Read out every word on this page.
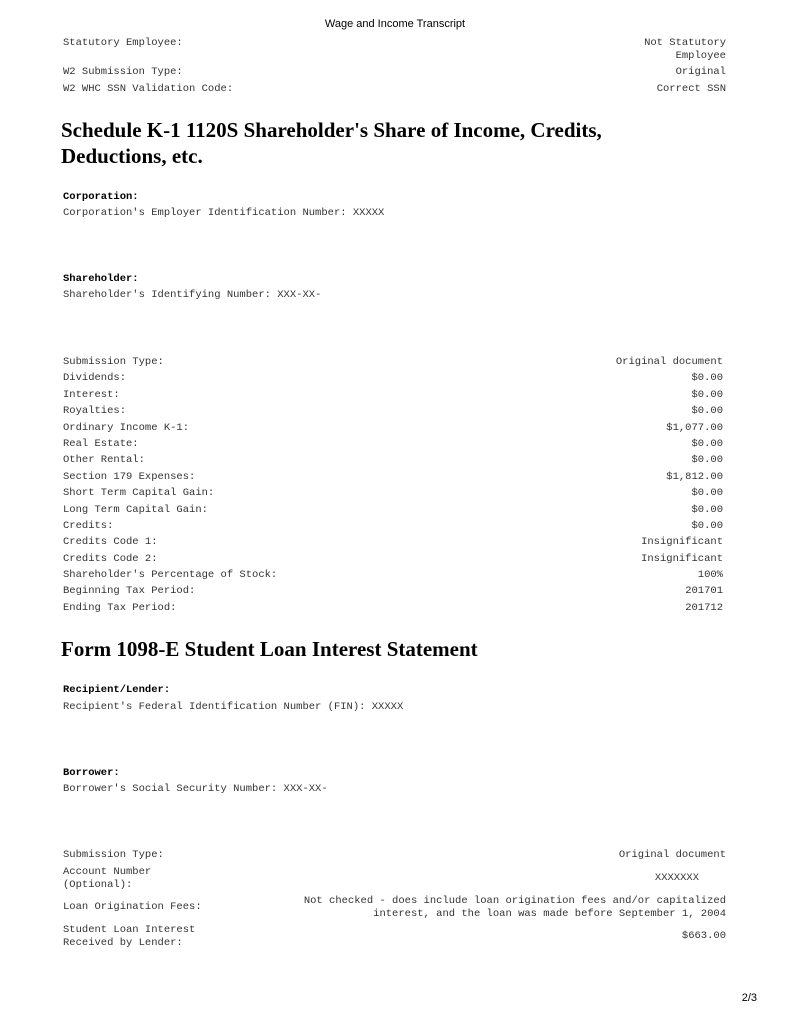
Wage and Income Transcript
Statutory Employee:	Not Statutory
Employee
W2 Submission Type:	Original
W2 WHC SSN Validation Code:	Correct SSN
Schedule K-1 1120S Shareholder's Share of Income, Credits, Deductions, etc.
Corporation:
Corporation's Employer Identification Number: XXXXX
Shareholder:
Shareholder's Identifying Number: XXX-XX-
Submission Type:	Original document
Dividends:	$0.00
Interest:	$0.00
Royalties:	$0.00
Ordinary Income K-1:	$1,077.00
Real Estate:	$0.00
Other Rental:	$0.00
Section 179 Expenses:	$1,812.00
Short Term Capital Gain:	$0.00
Long Term Capital Gain:	$0.00
Credits:	$0.00
Credits Code 1:	Insignificant
Credits Code 2:	Insignificant
Shareholder's Percentage of Stock:	100%
Beginning Tax Period:	201701
Ending Tax Period:	201712
Form 1098-E Student Loan Interest Statement
Recipient/Lender:
Recipient's Federal Identification Number (FIN): XXXXX
Borrower:
Borrower's Social Security Number: XXX-XX-
Submission Type:	Original document
Account Number
(Optional):
XXXXXXX
Loan Origination Fees:
Not checked - does include loan origination fees and/or capitalized
interest, and the loan was made before September 1, 2004
Student Loan Interest
Received by Lender:
$663.00
2/3
